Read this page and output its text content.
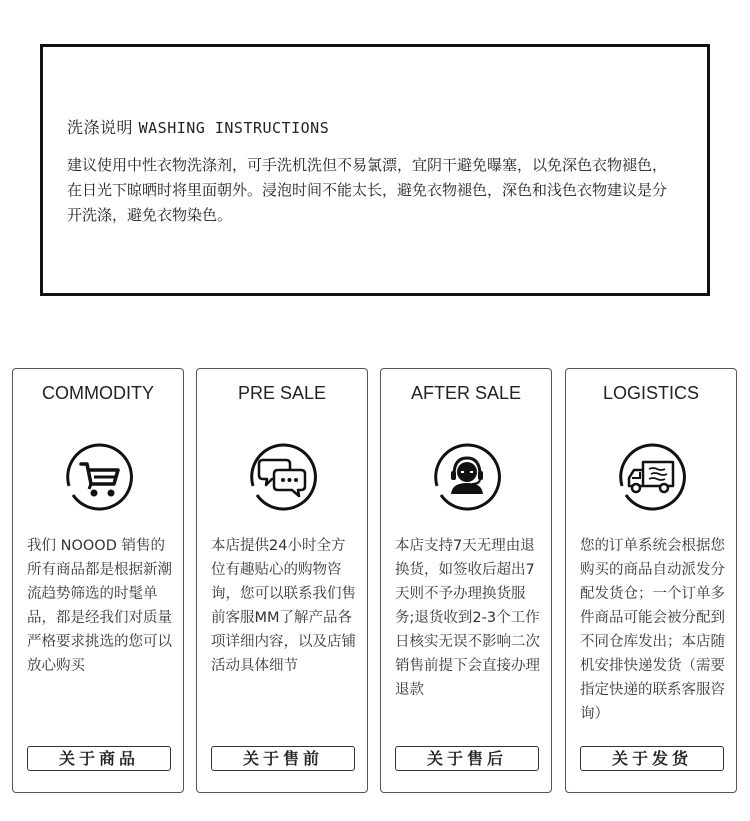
洗涤说明 WASHING INSTRUCTIONS
建议使用中性衣物洗涤剂，可手洗机洗但不易氯漂，宜阴干避免曝塞，以免深色衣物褪色，在日光下晾晒时将里面朝外。浸泡时间不能太长，避免衣物褪色，深色和浅色衣物建议是分开洗涤，避免衣物染色。
COMMODITY
我们 NOOOD 销售的所有商品都是根据新潮流趋势筛选的时髦单品，都是经我们对质量严格要求挑选的您可以放心购买
关于商品
PRE SALE
本店提供24小时全方位有趣贴心的购物咨询，您可以联系我们售前客服MM了解产品各项详细内容，以及店铺活动具体细节
关于售前
AFTER SALE
本店支持7天无理由退换货，如签收后超出7天则不予办理换货服务;退货收到2-3个工作日核实无误不影响二次销售前提下会直接办理退款
关于售后
LOGISTICS
您的订单系统会根据您购买的商品自动派发分配发货仓；一个订单多件商品可能会被分配到不同仓库发出；本店随机安排快递发货（需要指定快递的联系客服咨询）
关于发货
